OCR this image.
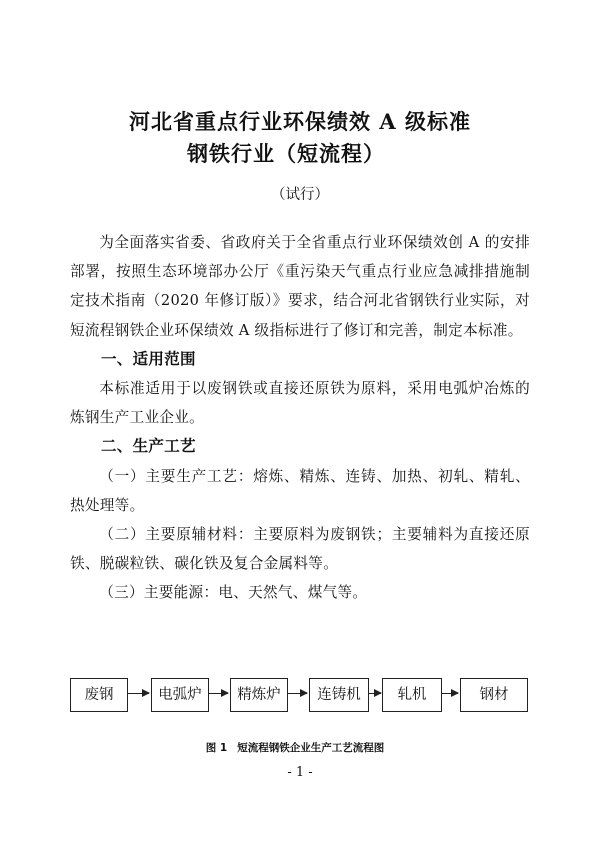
河北省重点行业环保绩效 A 级标准
钢铁行业（短流程）
（试行）

为全面落实省委、省政府关于全省重点行业环保绩效创 A 的安排部署，按照生态环境部办公厅《重污染天气重点行业应急减排措施制定技术指南（2020 年修订版）》要求，结合河北省钢铁行业实际，对短流程钢铁企业环保绩效 A 级指标进行了修订和完善，制定本标准。

一、适用范围

本标准适用于以废钢铁或直接还原铁为原料，采用电弧炉冶炼的炼钢生产工业企业。

二、生产工艺

（一）主要生产工艺：熔炼、精炼、连铸、加热、初轧、精轧、热处理等。

（二）主要原辅材料：主要原料为废钢铁；主要辅料为直接还原铁、脱碳粒铁、碳化铁及复合金属料等。

（三）主要能源：电、天然气、煤气等。

废钢	电弧炉	精炼炉	连铸机	轧机	钢材
图 1 短流程钢铁企业生产工艺流程图
- 1 -
